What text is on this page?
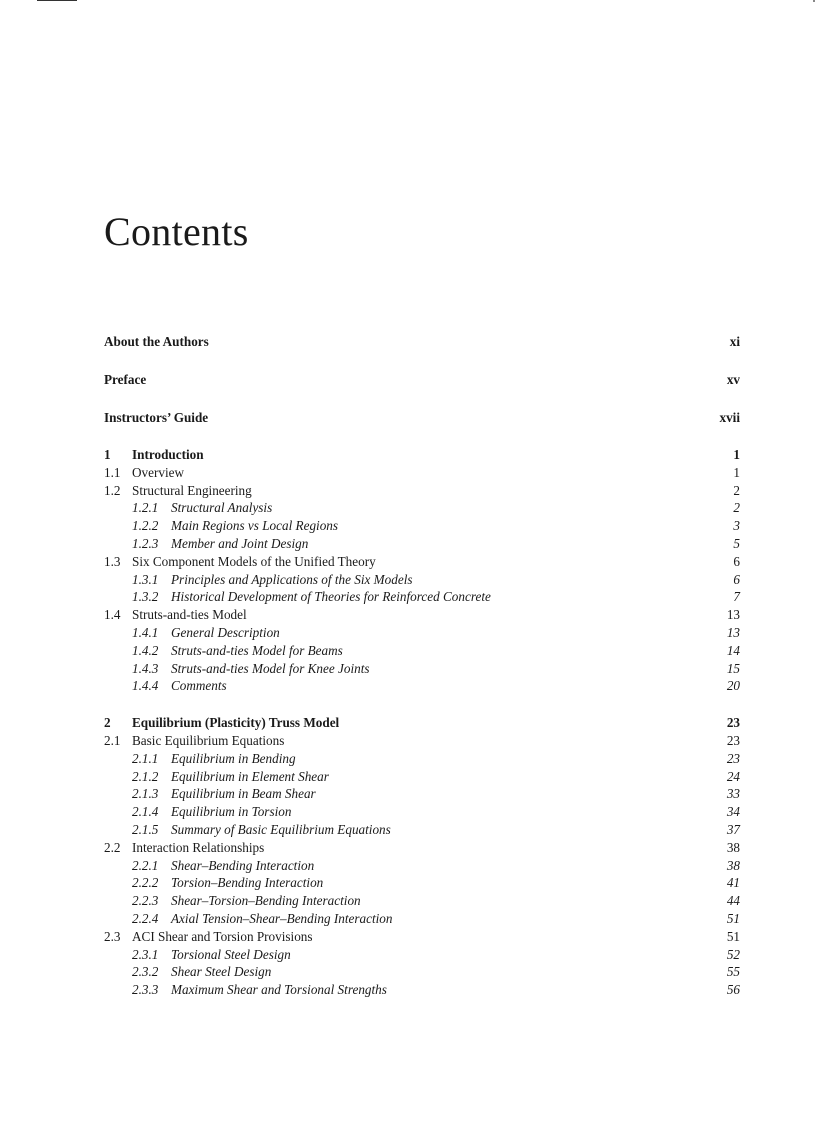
Contents
About the Authors	xi
Preface	xv
Instructors’ Guide	xvii
1 Introduction	1
1.1 Overview	1
1.2 Structural Engineering	2
1.2.1 Structural Analysis	2
1.2.2 Main Regions vs Local Regions	3
1.2.3 Member and Joint Design	5
1.3 Six Component Models of the Unified Theory	6
1.3.1 Principles and Applications of the Six Models	6
1.3.2 Historical Development of Theories for Reinforced Concrete	7
1.4 Struts-and-ties Model	13
1.4.1 General Description	13
1.4.2 Struts-and-ties Model for Beams	14
1.4.3 Struts-and-ties Model for Knee Joints	15
1.4.4 Comments	20
2 Equilibrium (Plasticity) Truss Model	23
2.1 Basic Equilibrium Equations	23
2.1.1 Equilibrium in Bending	23
2.1.2 Equilibrium in Element Shear	24
2.1.3 Equilibrium in Beam Shear	33
2.1.4 Equilibrium in Torsion	34
2.1.5 Summary of Basic Equilibrium Equations	37
2.2 Interaction Relationships	38
2.2.1 Shear–Bending Interaction	38
2.2.2 Torsion–Bending Interaction	41
2.2.3 Shear–Torsion–Bending Interaction	44
2.2.4 Axial Tension–Shear–Bending Interaction	51
2.3 ACI Shear and Torsion Provisions	51
2.3.1 Torsional Steel Design	52
2.3.2 Shear Steel Design	55
2.3.3 Maximum Shear and Torsional Strengths	56
